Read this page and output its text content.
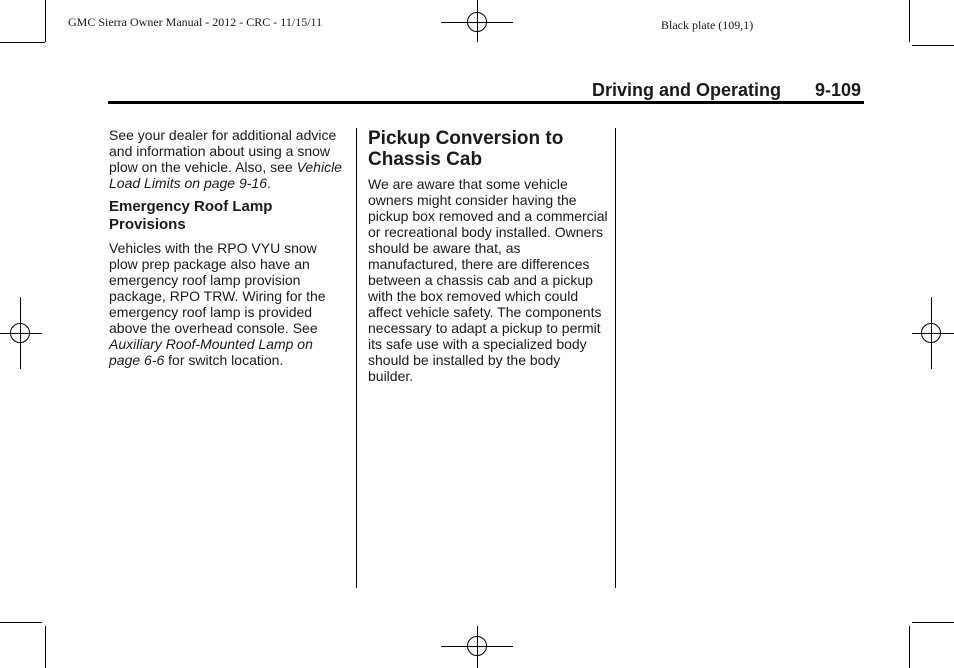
GMC Sierra Owner Manual - 2012 - CRC - 11/15/11	Black plate (109,1)
Driving and Operating 9-109

See your dealer for additional advice and information about using a snow plow on the vehicle. Also, see Vehicle Load Limits on page 9-16.

Emergency Roof Lamp Provisions

Vehicles with the RPO VYU snow plow prep package also have an emergency roof lamp provision package, RPO TRW. Wiring for the emergency roof lamp is provided above the overhead console. See Auxiliary Roof-Mounted Lamp on page 6-6 for switch location.

Pickup Conversion to Chassis Cab

We are aware that some vehicle owners might consider having the pickup box removed and a commercial or recreational body installed. Owners should be aware that, as manufactured, there are differences between a chassis cab and a pickup with the box removed which could affect vehicle safety. The components necessary to adapt a pickup to permit its safe use with a specialized body should be installed by the body builder.
